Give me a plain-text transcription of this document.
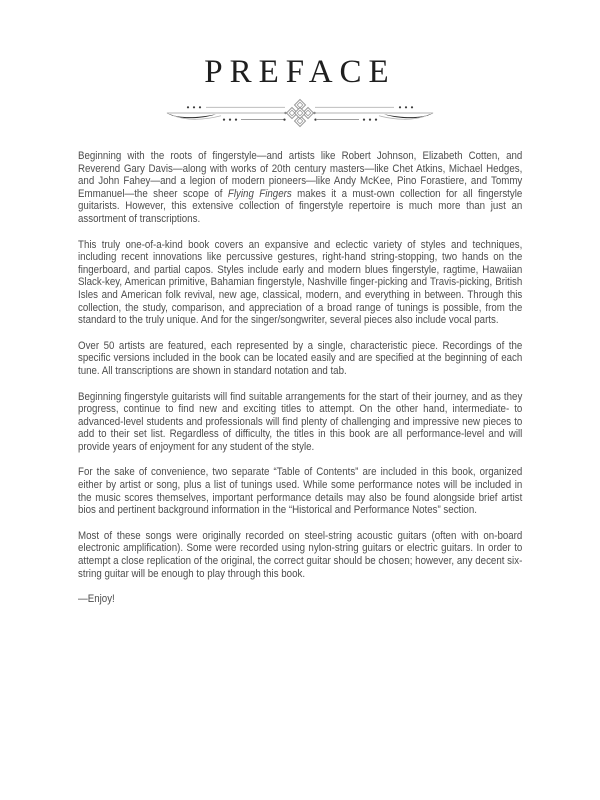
PREFACE

Beginning with the roots of fingerstyle—and artists like Robert Johnson, Elizabeth Cotten, and Reverend Gary Davis—along with works of 20th century masters—like Chet Atkins, Michael Hedges, and John Fahey—and a legion of modern pioneers—like Andy McKee, Pino Forastiere, and Tommy Emmanuel—the sheer scope of Flying Fingers makes it a must-own collection for all fingerstyle guitarists. However, this extensive collection of fingerstyle repertoire is much more than just an assortment of transcriptions.

This truly one-of-a-kind book covers an expansive and eclectic variety of styles and techniques, including recent innovations like percussive gestures, right-hand string-stopping, two hands on the fingerboard, and partial capos. Styles include early and modern blues fingerstyle, ragtime, Hawaiian Slack-key, American primitive, Bahamian fingerstyle, Nashville finger-picking and Travis-picking, British Isles and American folk revival, new age, classical, modern, and everything in between. Through this collection, the study, comparison, and appreciation of a broad range of tunings is possible, from the standard to the truly unique. And for the singer/songwriter, several pieces also include vocal parts.

Over 50 artists are featured, each represented by a single, characteristic piece. Recordings of the specific versions included in the book can be located easily and are specified at the beginning of each tune. All transcriptions are shown in standard notation and tab.

Beginning fingerstyle guitarists will find suitable arrangements for the start of their journey, and as they progress, continue to find new and exciting titles to attempt. On the other hand, intermediate- to advanced-level students and professionals will find plenty of challenging and impressive new pieces to add to their set list. Regardless of difficulty, the titles in this book are all performance-level and will provide years of enjoyment for any student of the style.

For the sake of convenience, two separate “Table of Contents” are included in this book, organized either by artist or song, plus a list of tunings used. While some performance notes will be included in the music scores themselves, important performance details may also be found alongside brief artist bios and pertinent background information in the “Historical and Performance Notes” section.

Most of these songs were originally recorded on steel-string acoustic guitars (often with on-board electronic amplification). Some were recorded using nylon-string guitars or electric guitars. In order to attempt a close replication of the original, the correct guitar should be chosen; however, any decent six-string guitar will be enough to play through this book.

—Enjoy!
